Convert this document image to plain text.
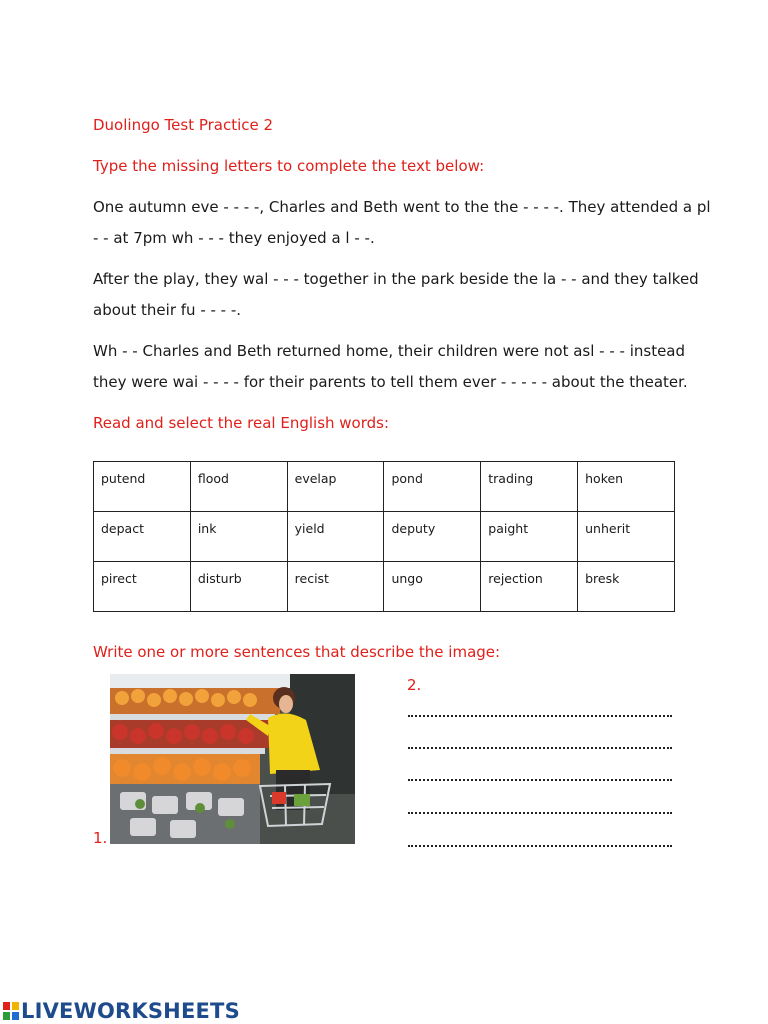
Duolingo Test Practice 2
Type the missing letters to complete the text below:
One autumn eve - - - -, Charles and Beth went to the the - - - -. They attended a pl
- - at 7pm wh - - - they enjoyed a l - -.
After the play, they wal - - - together in the park beside the la - - and they talked
about their fu - - - -.
Wh - - Charles and Beth returned home, their children were not asl - - - instead
they were wai - - - - for their parents to tell them ever - - - - - about the theater.
Read and select the real English words:
putend	flood	evelap	pond	trading	hoken
depact	ink	yield	deputy	paight	unherit
pirect	disturb	recist	ungo	rejection	bresk
Write one or more sentences that describe the image:
1.
2.
LIVEWORKSHEETS
